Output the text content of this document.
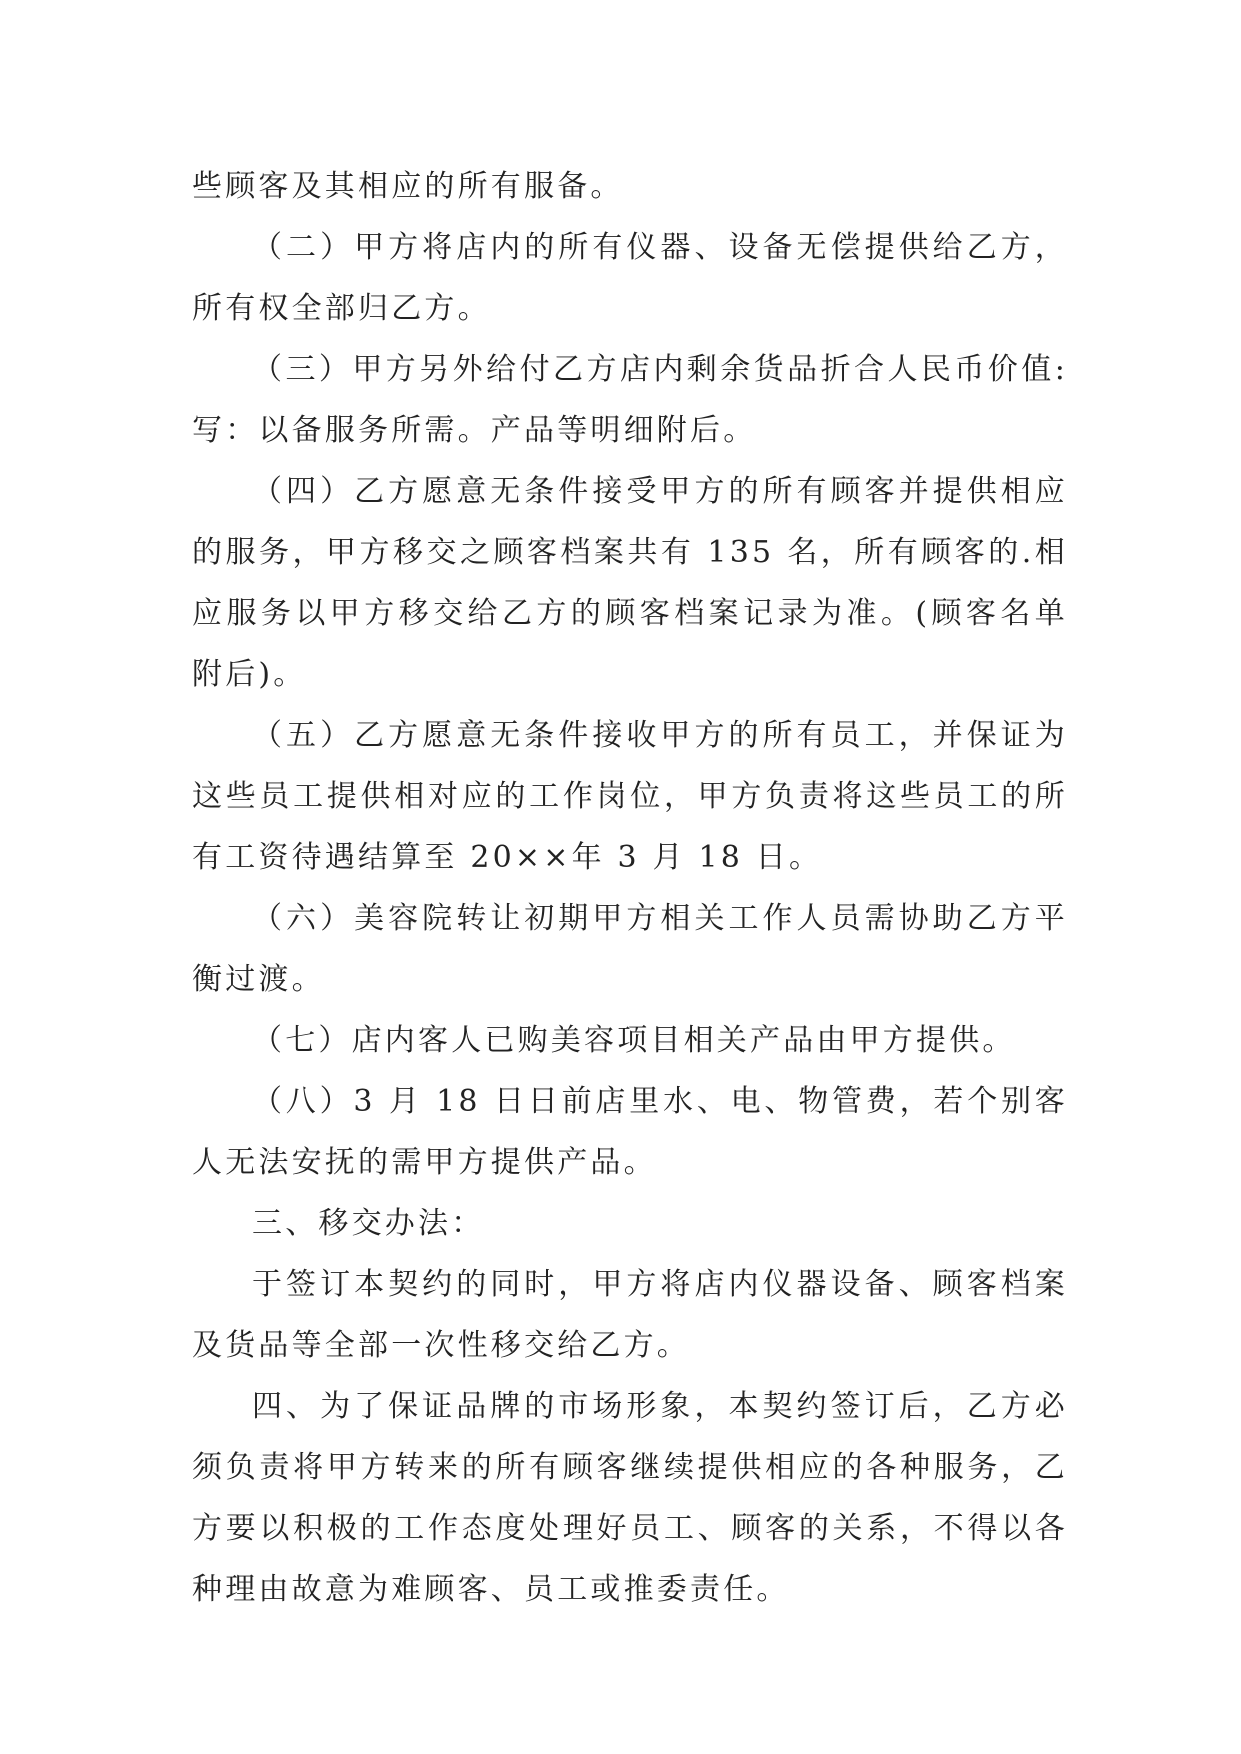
些顾客及其相应的所有服备。

（二）甲方将店内的所有仪器、设备无偿提供给乙方，所有权全部归乙方。

（三）甲方另外给付乙方店内剩余货品折合人民币价值:写：以备服务所需。产品等明细附后。

（四）乙方愿意无条件接受甲方的所有顾客并提供相应的服务，甲方移交之顾客档案共有 135 名，所有顾客的.相应服务以甲方移交给乙方的顾客档案记录为准。(顾客名单附后)。

（五）乙方愿意无条件接收甲方的所有员工，并保证为这些员工提供相对应的工作岗位，甲方负责将这些员工的所有工资待遇结算至 20××年 3 月 18 日。

（六）美容院转让初期甲方相关工作人员需协助乙方平衡过渡。

（七）店内客人已购美容项目相关产品由甲方提供。

（八）3 月 18 日日前店里水、电、物管费，若个别客人无法安抚的需甲方提供产品。

三、移交办法：

于签订本契约的同时，甲方将店内仪器设备、顾客档案及货品等全部一次性移交给乙方。

四、为了保证品牌的市场形象，本契约签订后，乙方必须负责将甲方转来的所有顾客继续提供相应的各种服务，乙方要以积极的工作态度处理好员工、顾客的关系，不得以各种理由故意为难顾客、员工或推委责任。
